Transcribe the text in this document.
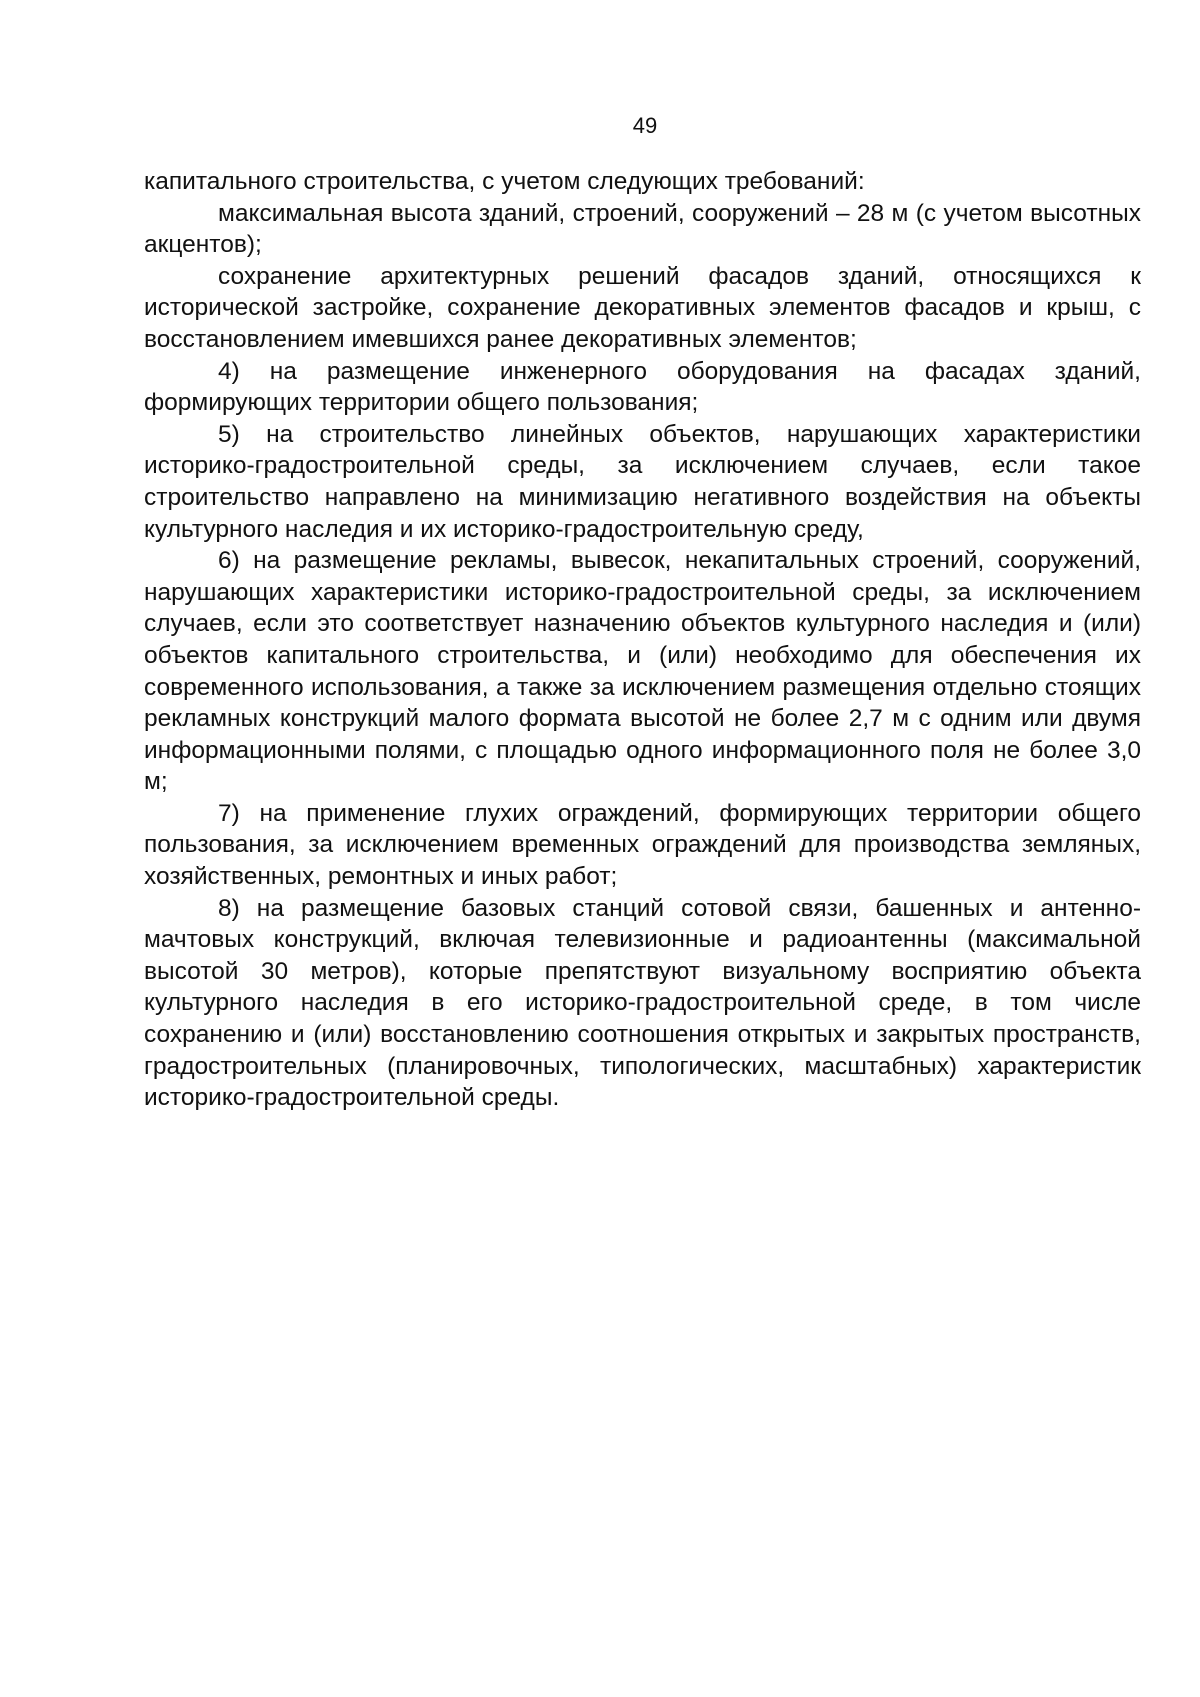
49

капитального строительства, с учетом следующих требований:

максимальная высота зданий, строений, сооружений – 28 м (с учетом высотных акцентов);

сохранение архитектурных решений фасадов зданий, относящихся к исторической застройке, сохранение декоративных элементов фасадов и крыш, с восстановлением имевшихся ранее декоративных элементов;

4) на размещение инженерного оборудования на фасадах зданий, формирующих территории общего пользования;

5) на строительство линейных объектов, нарушающих характеристики историко-градостроительной среды, за исключением случаев, если такое строительство направлено на минимизацию негативного воздействия на объекты культурного наследия и их историко-градостроительную среду,

6) на размещение рекламы, вывесок, некапитальных строений, сооружений, нарушающих характеристики историко-градостроительной среды, за исключением случаев, если это соответствует назначению объектов культурного наследия и (или) объектов капитального строительства, и (или) необходимо для обеспечения их современного использования, а также за исключением размещения отдельно стоящих рекламных конструкций малого формата высотой не более 2,7 м с одним или двумя информационными полями, с площадью одного информационного поля не более 3,0 м;

7) на применение глухих ограждений, формирующих территории общего пользования, за исключением временных ограждений для производства земляных, хозяйственных, ремонтных и иных работ;

8) на размещение базовых станций сотовой связи, башенных и антенно-мачтовых конструкций, включая телевизионные и радиоантенны (максимальной высотой 30 метров), которые препятствуют визуальному восприятию объекта культурного наследия в его историко-градостроительной среде, в том числе сохранению и (или) восстановлению соотношения открытых и закрытых пространств, градостроительных (планировочных, типологических, масштабных) характеристик историко-градостроительной среды.
